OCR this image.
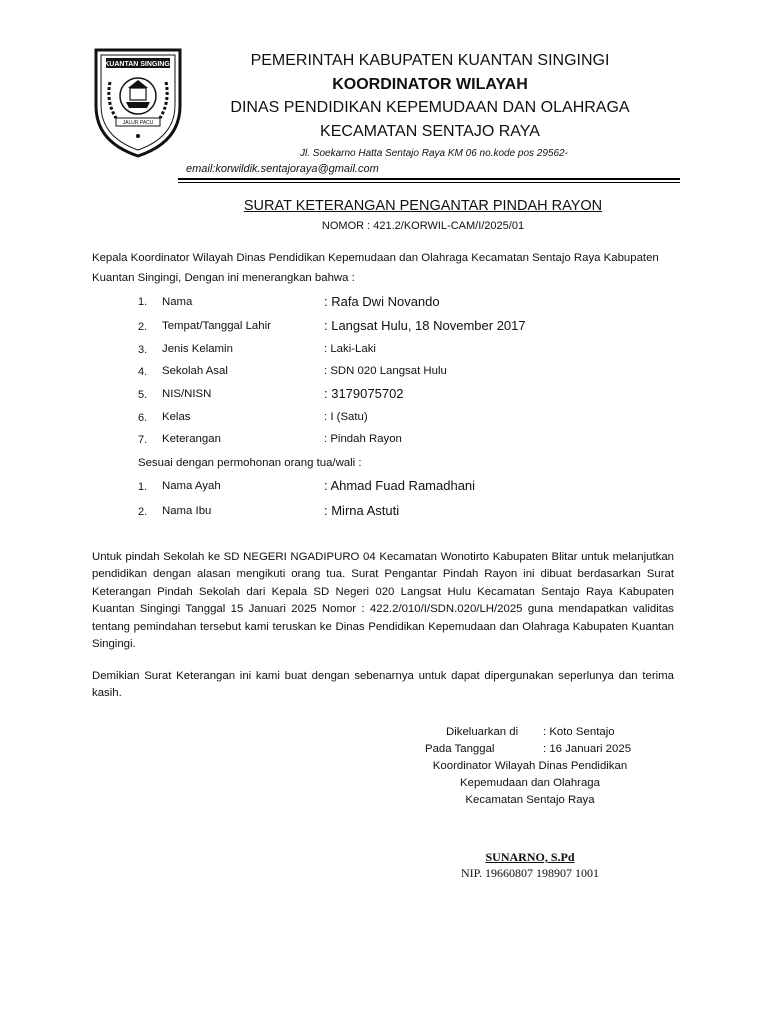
KUANTAN SINGINGI
JALUR PACU
PEMERINTAH KABUPATEN KUANTAN SINGINGI
KOORDINATOR WILAYAH
DINAS PENDIDIKAN KEPEMUDAAN DAN OLAHRAGA
KECAMATAN SENTAJO RAYA
Jl. Soekarno Hatta Sentajo Raya KM 06 no.kode pos 29562-
email:korwildik.sentajoraya@gmail.com
SURAT KETERANGAN PENGANTAR PINDAH RAYON
NOMOR : 421.2/KORWIL-CAM/I/2025/01
Kepala Koordinator Wilayah Dinas Pendidikan Kepemudaan dan Olahraga Kecamatan Sentajo Raya Kabupaten Kuantan Singingi, Dengan ini menerangkan bahwa :
1. Nama	: Rafa Dwi Novando
2. Tempat/Tanggal Lahir	: Langsat Hulu, 18 November 2017
3. Jenis Kelamin	: Laki-Laki
4. Sekolah Asal	: SDN 020 Langsat Hulu
5. NIS/NISN	: 3179075702
6. Kelas	: I (Satu)
7. Keterangan	: Pindah Rayon
Sesuai dengan permohonan orang tua/wali :
1. Nama Ayah	: Ahmad Fuad Ramadhani
2. Nama Ibu	: Mirna Astuti
Untuk pindah Sekolah ke SD NEGERI NGADIPURO 04 Kecamatan Wonotirto Kabupaten Blitar untuk melanjutkan pendidikan dengan alasan mengikuti orang tua. Surat Pengantar Pindah Rayon ini dibuat berdasarkan Surat Keterangan Pindah Sekolah dari Kepala SD Negeri 020 Langsat Hulu Kecamatan Sentajo Raya Kabupaten Kuantan Singingi Tanggal 15 Januari 2025 Nomor : 422.2/010/I/SDN.020/LH/2025 guna mendapatkan validitas tentang pemindahan tersebut kami teruskan ke Dinas Pendidikan Kepemudaan dan Olahraga Kabupaten Kuantan Singingi.
Demikian Surat Keterangan ini kami buat dengan sebenarnya untuk dapat dipergunakan seperlunya dan terima kasih.
Dikeluarkan di : Koto Sentajo
Pada Tanggal	: 16 Januari 2025
Koordinator Wilayah Dinas Pendidikan
Kepemudaan dan Olahraga
Kecamatan Sentajo Raya
SUNARNO, S.Pd
NIP. 19660807 198907 1001
